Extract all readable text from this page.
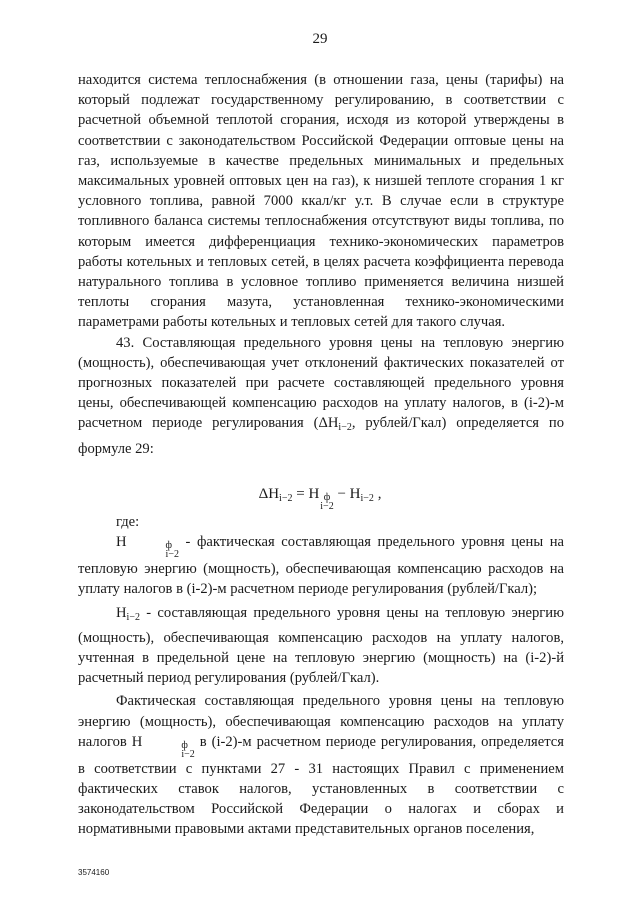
29

находится система теплоснабжения (в отношении газа, цены (тарифы) на который подлежат государственному регулированию, в соответствии с расчетной объемной теплотой сгорания, исходя из которой утверждены в соответствии с законодательством Российской Федерации оптовые цены на газ, используемые в качестве предельных минимальных и предельных максимальных уровней оптовых цен на газ), к низшей теплоте сгорания 1 кг условного топлива, равной 7000 ккал/кг у.т. В случае если в структуре топливного баланса системы теплоснабжения отсутствуют виды топлива, по которым имеется дифференциация технико-экономических параметров работы котельных и тепловых сетей, в целях расчета коэффициента перевода натурального топлива в условное топливо применяется величина низшей теплоты сгорания мазута, установленная технико-экономическими параметрами работы котельных и тепловых сетей для такого случая.

43. Составляющая предельного уровня цены на тепловую энергию (мощность), обеспечивающая учет отклонений фактических показателей от прогнозных показателей при расчете составляющей предельного уровня цены, обеспечивающей компенсацию расходов на уплату налогов, в (i-2)-м расчетном периоде регулирования ($\Delta Н_{i-2}$, рублей/Гкал) определяется по формуле 29:

$\Delta Н_{i-2} = Н$ ф
i−2
− $Н_{i-2}$ ,

где:

Н	ф
i−2
- фактическая составляющая предельного уровня цены на тепловую энергию (мощность), обеспечивающая компенсацию расходов на уплату налогов в (i-2)-м расчетном периоде регулирования (рублей/Гкал);

$Н_{i-2}$ - составляющая предельного уровня цены на тепловую энергию (мощность), обеспечивающая компенсацию расходов на уплату налогов, учтенная в предельной цене на тепловую энергию (мощность) на (i-2)-й расчетный период регулирования (рублей/Гкал).

Фактическая составляющая предельного уровня цены на тепловую энергию (мощность), обеспечивающая компенсацию расходов на уплату налогов Н	ф
i−2
в (i-2)-м расчетном периоде регулирования, определяется в соответствии с пунктами 27 - 31 настоящих Правил с применением фактических ставок налогов, установленных в соответствии с законодательством Российской Федерации о налогах и сборах и нормативными правовыми актами представительных органов поселения,

3574160
